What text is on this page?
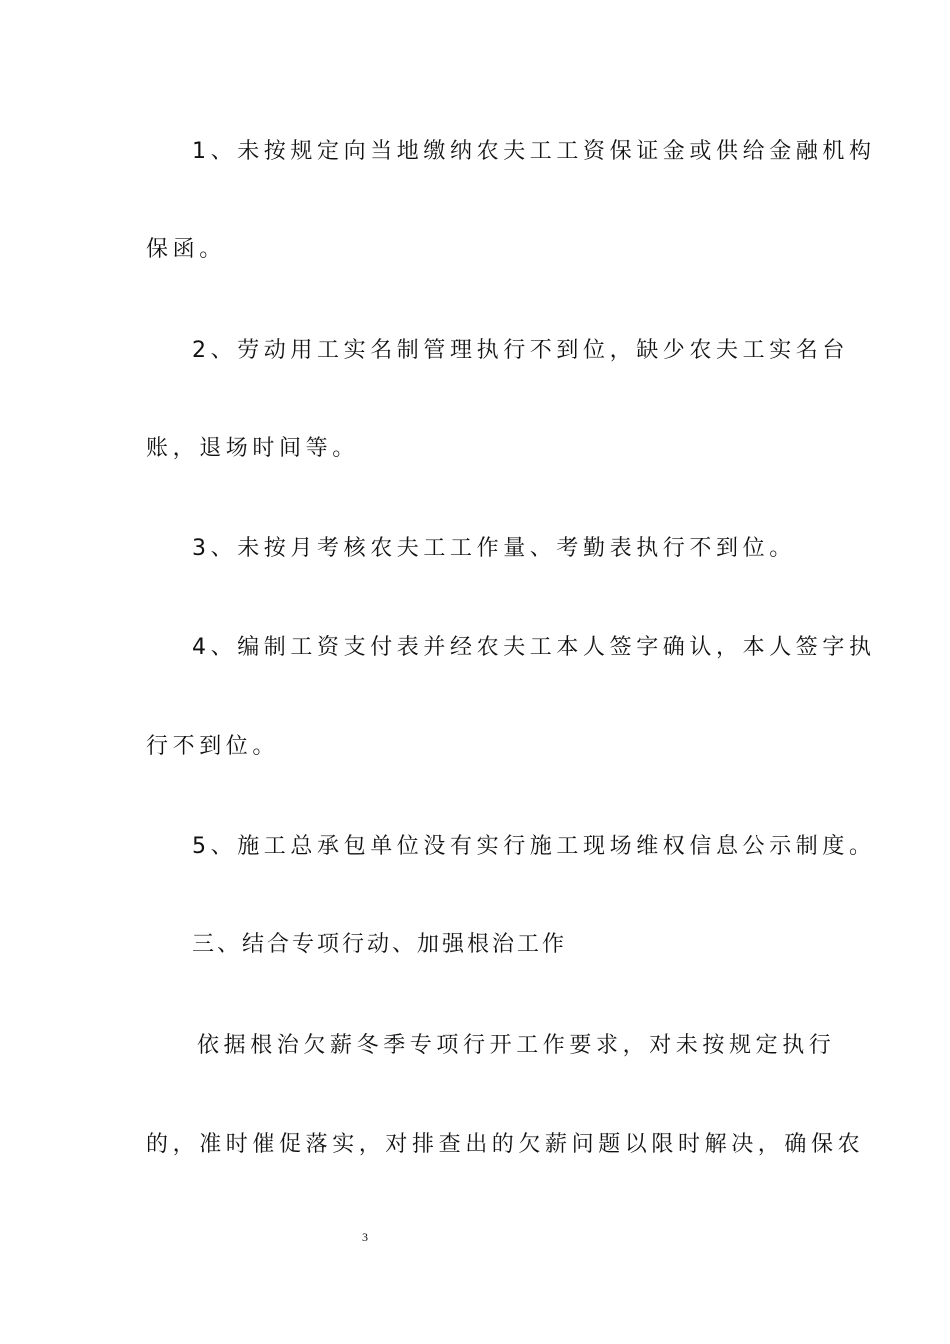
1、未按规定向当地缴纳农夫工工资保证金或供给金融机构
保函。
2、劳动用工实名制管理执行不到位，缺少农夫工实名台
账，退场时间等。
3、未按月考核农夫工工作量、考勤表执行不到位。
4、编制工资支付表并经农夫工本人签字确认，本人签字执
行不到位。
5、施工总承包单位没有实行施工现场维权信息公示制度。
三、结合专项行动、加强根治工作
依据根治欠薪冬季专项行开工作要求，对未按规定执行
的，准时催促落实，对排查出的欠薪问题以限时解决，确保农
3
